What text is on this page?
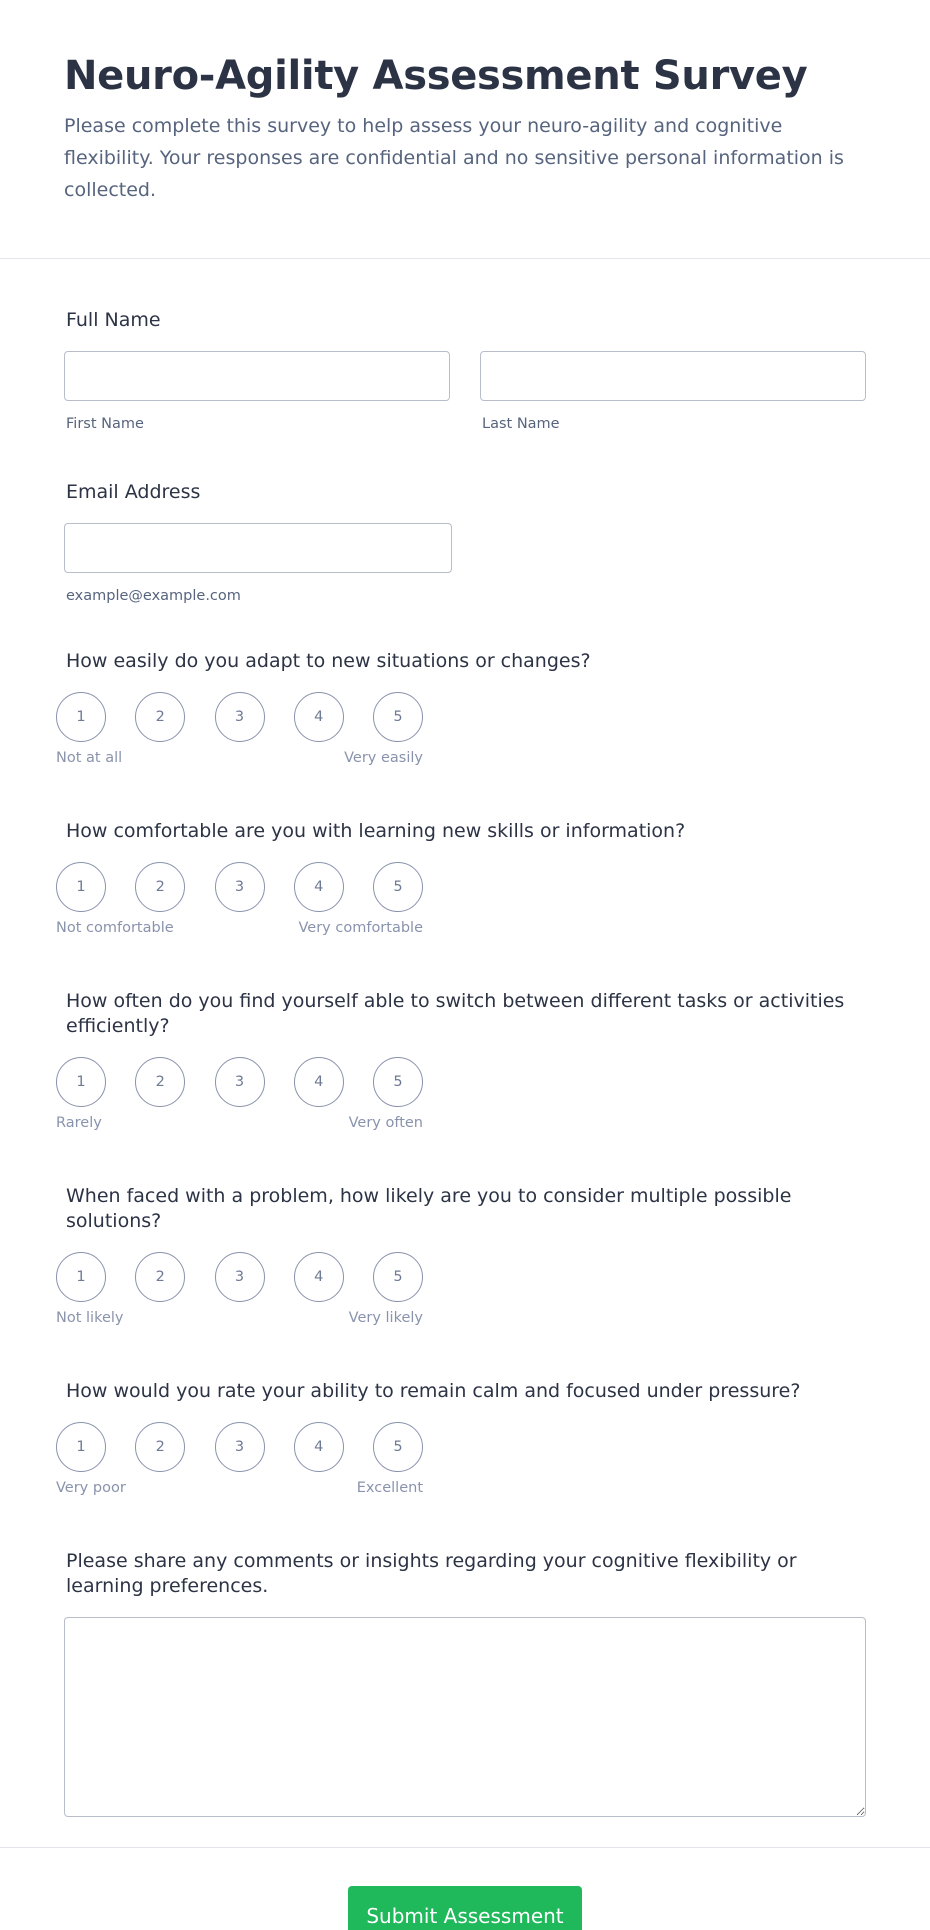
Neuro-Agility Assessment Survey

Please complete this survey to help assess your neuro-agility and cognitive flexibility. Your responses are confidential and no sensitive personal information is collected.

Full Name
First Name	Last Name
Email Address
example@example.com
How easily do you adapt to new situations or changes?
1	2	3	4	5
Not at all	Very easily
How comfortable are you with learning new skills or information?
1	2	3	4	5
Not comfortable	Very comfortable
How often do you find yourself able to switch between different tasks or activities efficiently?
1	2	3	4	5
Rarely	Very often
When faced with a problem, how likely are you to consider multiple possible solutions?
1	2	3	4	5
Not likely	Very likely
How would you rate your ability to remain calm and focused under pressure?
1	2	3	4	5
Very poor	Excellent
Please share any comments or insights regarding your cognitive flexibility or learning preferences.
Submit Assessment
